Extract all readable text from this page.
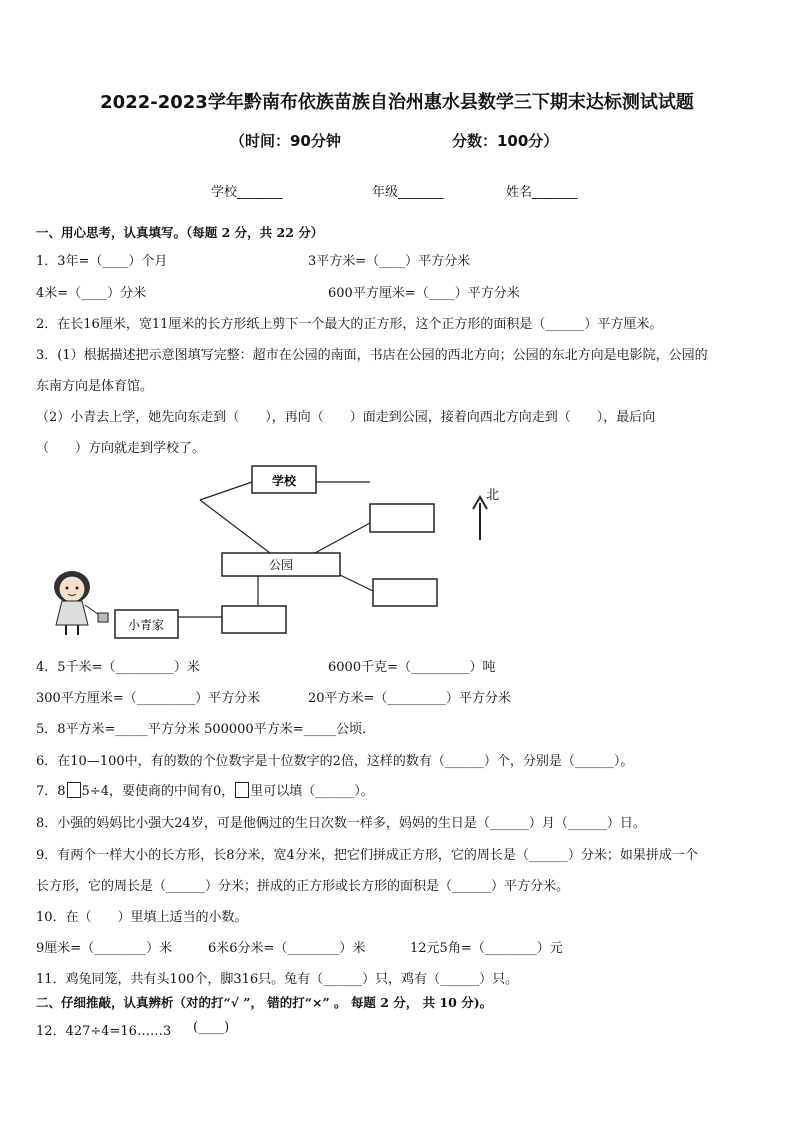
2022-2023学年黔南布依族苗族自治州惠水县数学三下期末达标测试试题
（时间：90分钟	分数：100分）
学校_______	年级_______	姓名_______
一、用心思考，认真填写。（每题 2 分，共 22 分）
1．3年=（____）个月	3平方米=（____）平方分米
4米=（____）分米	600平方厘米=（____）平方分米
2．在长16厘米，宽11厘米的长方形纸上剪下一个最大的正方形，这个正方形的面积是（______）平方厘米。
3．(1）根据描述把示意图填写完整：超市在公园的南面，书店在公园的西北方向；公园的东北方向是电影院，公园的
东南方向是体育馆。
（2）小青去上学，她先向东走到（　　），再向（　　）面走到公园，接着向西北方向走到（　　），最后向
（　　）方向就走到学校了。
学校
公园
小青家
北
4．5千米=（_________）米	6000千克=（_________）吨
300平方厘米=（_________）平方分米	20平方米=（_________）平方分米
5．8平方米=_____平方分米 500000平方米=_____公顷．
6．在10—100中，有的数的个位数字是十位数字的2倍，这样的数有（______）个，分别是（______）。
7．8 5÷4，要使商的中间有0， 里可以填（______）。
8．小强的妈妈比小强大24岁，可是他俩过的生日次数一样多，妈妈的生日是（______）月（______）日。
9．有两个一样大小的长方形，长8分米，宽4分米，把它们拼成正方形，它的周长是（______）分米；如果拼成一个
长方形，它的周长是（______）分米；拼成的正方形或长方形的面积是（______）平方分米。
10．在（　　）里填上适当的小数。
9厘米=（________）米	6米6分米=（________）米	12元5角=（________）元
11．鸡兔同笼，共有头100个，脚316只。兔有（______）只，鸡有（______）只。
二、仔细推敲，认真辨析（对的打“√ ”， 错的打“×” 。 每题 2 分， 共 10 分)。
12．427÷4=16……3 (____)
